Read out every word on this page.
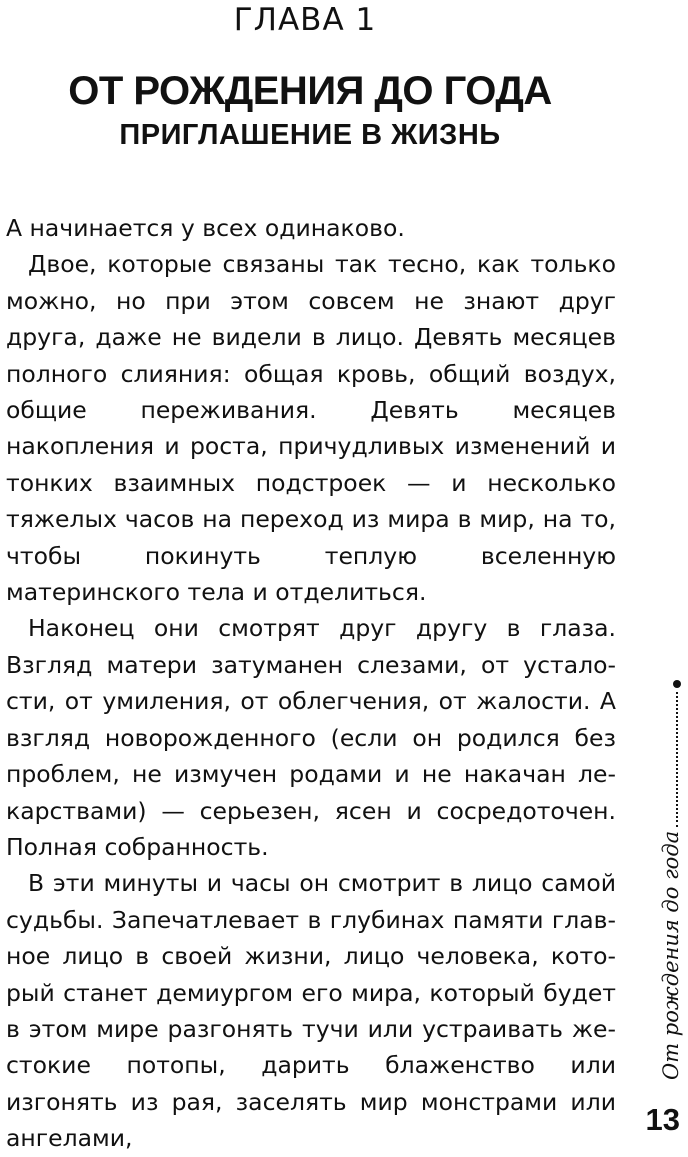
ГЛАВА 1
ОТ РОЖДЕНИЯ ДО ГОДА
ПРИГЛАШЕНИЕ В ЖИЗНЬ

А начинается у всех одинаково.

Двое, которые связаны так тесно, как только можно, но при этом совсем не знают друг друга, даже не видели в лицо. Девять месяцев полного слияния: общая кровь, общий воздух, общие переживания. Девять месяцев накопления и роста, причудливых изменений и тонких взаимных подстроек — и несколько тяжелых часов на переход из мира в мир, на то, чтобы покинуть теплую вселенную материнского тела и отделиться.

Наконец они смотрят друг другу в глаза. Взгляд матери затуманен слезами, от усталости, от умиления, от облегчения, от жалости. А взгляд новорожденного (если он родился без проблем, не измучен родами и не накачан лекарствами) — серьезен, ясен и сосредоточен. Полная собранность.

В эти минуты и часы он смотрит в лицо самой судьбы. Запечатлевает в глубинах памяти главное лицо в своей жизни, лицо человека, который станет демиургом его мира, который будет в этом мире разгонять тучи или устраивать жестокие потопы, дарить блаженство или изгонять из рая, заселять мир монстрами или ангелами,

От рождения до года
13
